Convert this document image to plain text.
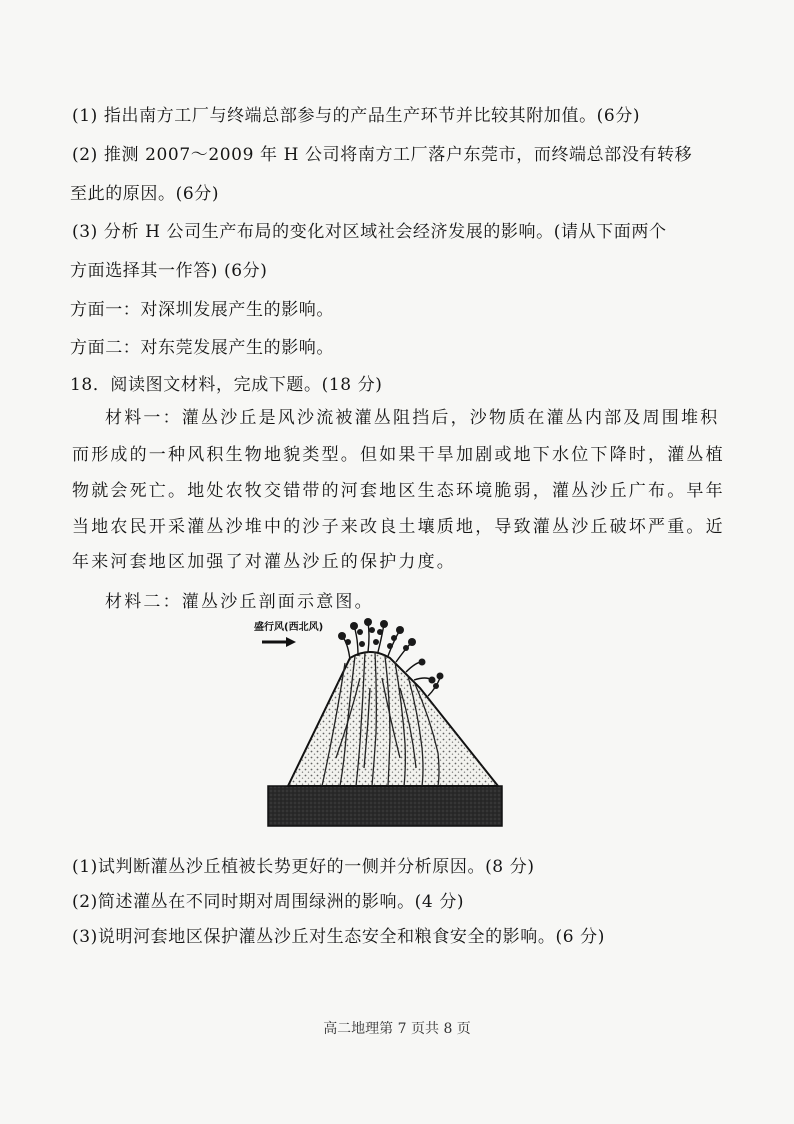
(1) 指出南方工厂与终端总部参与的产品生产环节并比较其附加值。(6分)
(2) 推测 2007～2009 年 H 公司将南方工厂落户东莞市，而终端总部没有转移
至此的原因。(6分)
(3) 分析 H 公司生产布局的变化对区域社会经济发展的影响。(请从下面两个
方面选择其一作答) (6分)
方面一：对深圳发展产生的影响。
方面二：对东莞发展产生的影响。
18．阅读图文材料，完成下题。(18 分)
材料一：灌丛沙丘是风沙流被灌丛阻挡后，沙物质在灌丛内部及周围堆积
而形成的一种风积生物地貌类型。但如果干旱加剧或地下水位下降时，灌丛植
物就会死亡。地处农牧交错带的河套地区生态环境脆弱，灌丛沙丘广布。早年
当地农民开采灌丛沙堆中的沙子来改良土壤质地，导致灌丛沙丘破坏严重。近
年来河套地区加强了对灌丛沙丘的保护力度。
材料二：灌丛沙丘剖面示意图。
盛行风(西北风)
(1)试判断灌丛沙丘植被长势更好的一侧并分析原因。(8 分)
(2)简述灌丛在不同时期对周围绿洲的影响。(4 分)
(3)说明河套地区保护灌丛沙丘对生态安全和粮食安全的影响。(6 分)
高二地理第 7 页共 8 页
